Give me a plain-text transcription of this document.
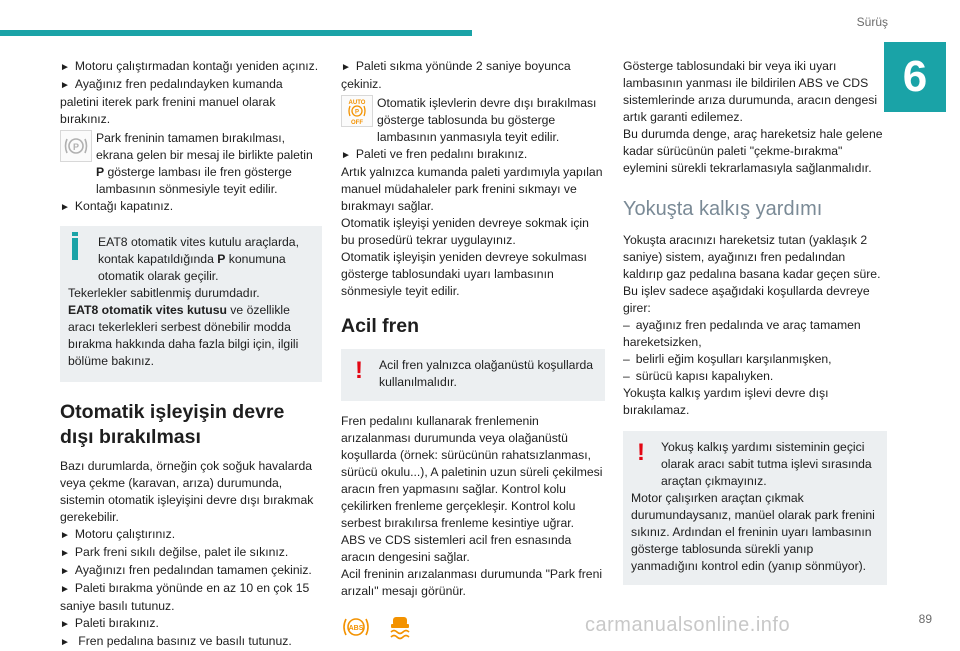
Sürüş
6

► Motoru çalıştırmadan kontağı yeniden açınız.

► Ayağınız fren pedalındayken kumanda paletini iterek park frenini manuel olarak bırakınız.

P

Park freninin tamamen bırakılması, ekrana gelen bir mesaj ile birlikte paletin P gösterge lambası ile fren gösterge lambasının sönmesiyle teyit edilir.

► Kontağı kapatınız.

EAT8 otomatik vites kutulu araçlarda, kontak kapatıldığında P konumuna otomatik olarak geçilir.

Tekerlekler sabitlenmiş durumdadır.

EAT8 otomatik vites kutusu ve özellikle aracı tekerlekleri serbest dönebilir modda bırakma hakkında daha fazla bilgi için, ilgili bölüme bakınız.

Otomatik işleyişin devre dışı bırakılması

Bazı durumlarda, örneğin çok soğuk havalarda veya çekme (karavan, arıza) durumunda, sistemin otomatik işleyişini devre dışı bırakmak gerekebilir.

► Motoru çalıştırınız.

► Park freni sıkılı değilse, palet ile sıkınız.

► Ayağınızı fren pedalından tamamen çekiniz.

► Paleti bırakma yönünde en az 10 en çok 15 saniye basılı tutunuz.

► Paleti bırakınız.

► Fren pedalına basınız ve basılı tutunuz.

► Paleti sıkma yönünde 2 saniye boyunca çekiniz.

AUTO
P
OFF

Otomatik işlevlerin devre dışı bırakılması gösterge tablosunda bu gösterge lambasının yanmasıyla teyit edilir.

► Paleti ve fren pedalını bırakınız.

Artık yalnızca kumanda paleti yardımıyla yapılan manuel müdahaleler park frenini sıkmayı ve bırakmayı sağlar.

Otomatik işleyişi yeniden devreye sokmak için bu prosedürü tekrar uygulayınız.

Otomatik işleyişin yeniden devreye sokulması gösterge tablosundaki uyarı lambasının sönmesiyle teyit edilir.

Acil fren
!	Acil fren yalnızca olağanüstü koşullarda kullanılmalıdır.

Fren pedalını kullanarak frenlemenin arızalanması durumunda veya olağanüstü koşullarda (örnek: sürücünün rahatsızlanması, sürücü okulu...), A paletinin uzun süreli çekilmesi aracın fren yapmasını sağlar. Kontrol kolu çekilirken frenleme gerçekleşir. Kontrol kolu serbest bırakılırsa frenleme kesintiye uğrar.

ABS ve CDS sistemleri acil fren esnasında aracın dengesini sağlar.

Acil freninin arızalanması durumunda "Park freni arızalı" mesajı görünür.

ABS

Gösterge tablosundaki bir veya iki uyarı lambasının yanması ile bildirilen ABS ve CDS sistemlerinde arıza durumunda, aracın dengesi artık garanti edilemez.

Bu durumda denge, araç hareketsiz hale gelene kadar sürücünün paleti "çekme-bırakma" eylemini sürekli tekrarlamasıyla sağlanmalıdır.

Yokuşta kalkış yardımı

Yokuşta aracınızı hareketsiz tutan (yaklaşık 2 saniye) sistem, ayağınızı fren pedalından kaldırıp gaz pedalına basana kadar geçen süre.

Bu işlev sadece aşağıdaki koşullarda devreye girer:

– ayağınız fren pedalında ve araç tamamen hareketsizken,

– belirli eğim koşulları karşılanmışken,

– sürücü kapısı kapalıyken.

Yokuşta kalkış yardım işlevi devre dışı bırakılamaz.

!	Yokuş kalkış yardımı sisteminin geçici olarak aracı sabit tutma işlevi sırasında araçtan çıkmayınız.

Motor çalışırken araçtan çıkmak durumundaysanız, manüel olarak park frenini sıkınız. Ardından el freninin uyarı lambasının gösterge tablosunda sürekli yanıp yanmadığını kontrol edin (yanıp sönmüyor).

carmanualsonline.info	89
